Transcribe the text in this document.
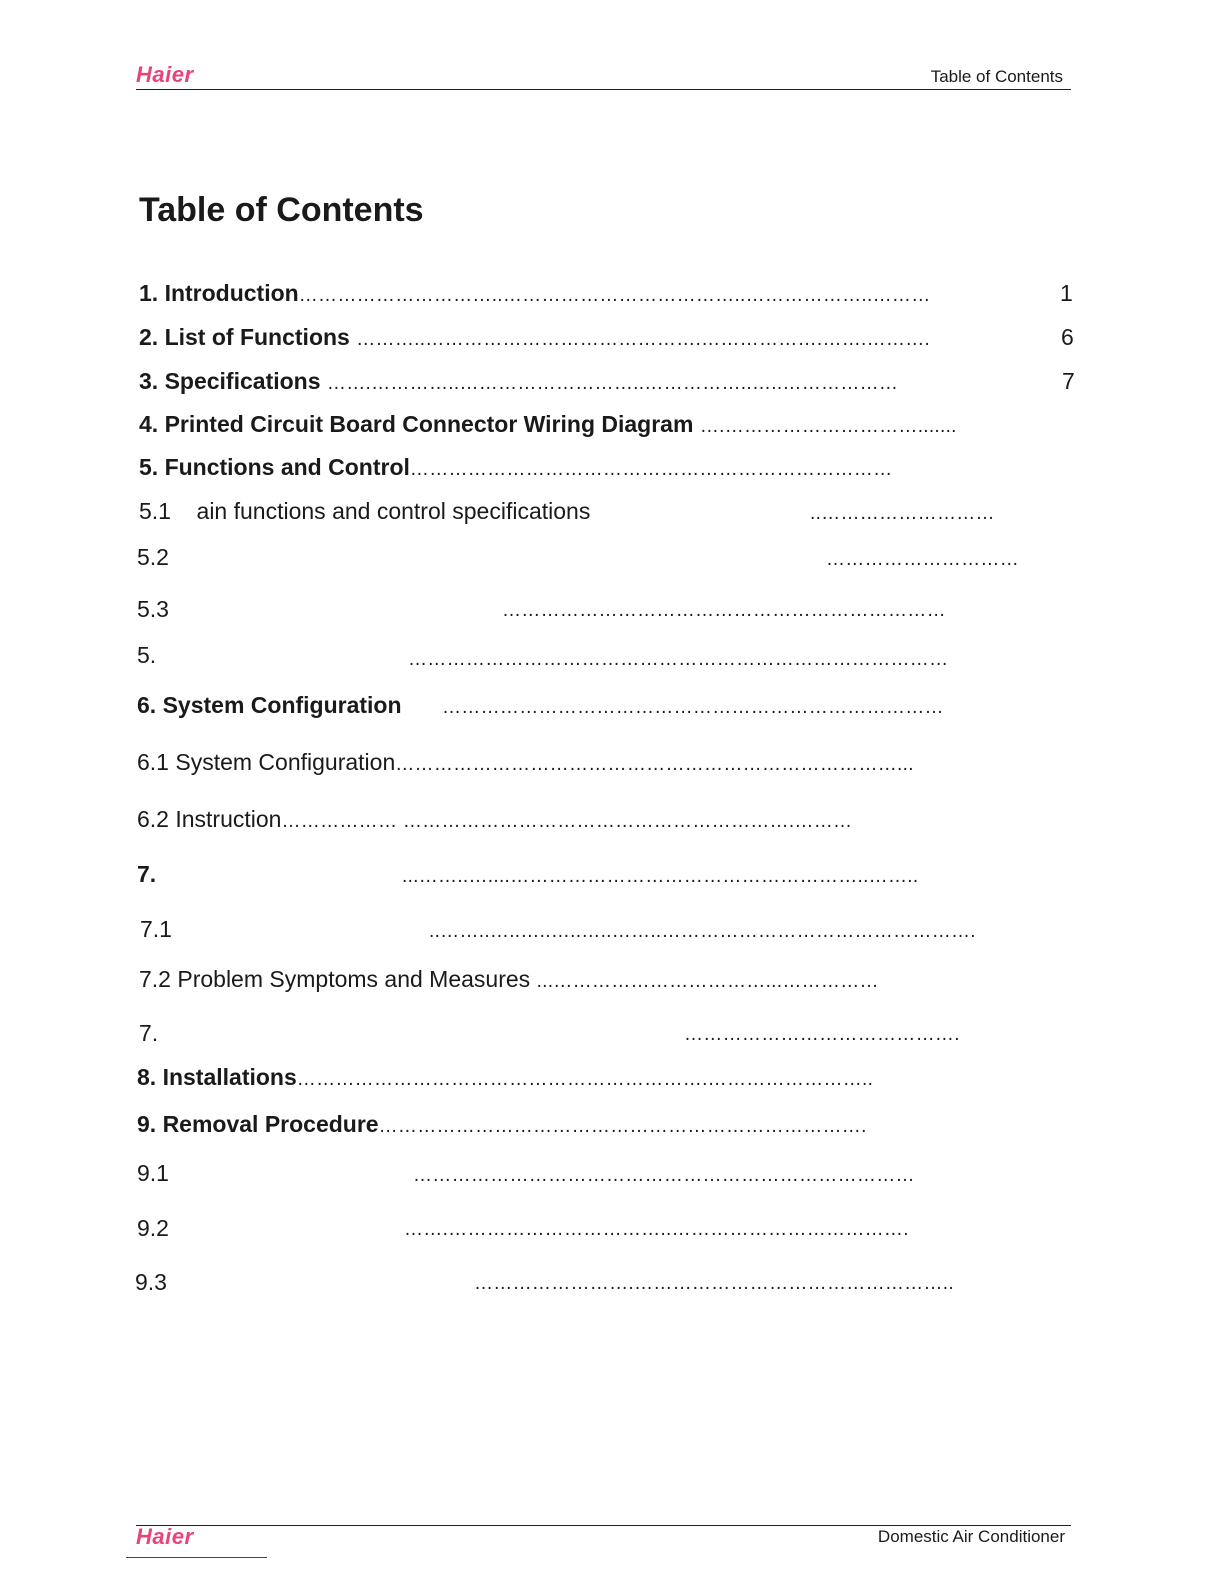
Haier	Table of Contents
Table of Contents
1. Introduction…………………………..………………………………..………………..………	1
2. List of Functions ………..…………………………………….……………….…….……….	6
3. Specifications …….…………..………………………..……………..…..………………	7
4. Printed Circuit Board Connector Wiring Diagram ….………………………….......
5. Functions and Control…………………………………………………………………
5.1    ain functions and control specifications	..………………………
5.2	…………………………
5.3	……………………………………………………………
5.	…………………………………………………………………………
6. System Configuration ……………………………………………………………………
6.1 System Configuration……………………………………………………………………...
6.2 Instruction……………… …………………………………………………….………
7.	...……..…....………………………………………………..……..
7.1	..……..…..…..…..…..……..………………………………………….
7.2 Problem Symptoms and Measures ...……………………………...……………
7.	…………………………………….
8. Installations……………………………………………………….……………………..
9. Removal Procedure………………………………………………………………….
9.1	……………………………………………………………………
9.2	…….……………………………..……………………………….
9.3	…………………….…………………………………………..
Haier	Domestic Air Conditioner
